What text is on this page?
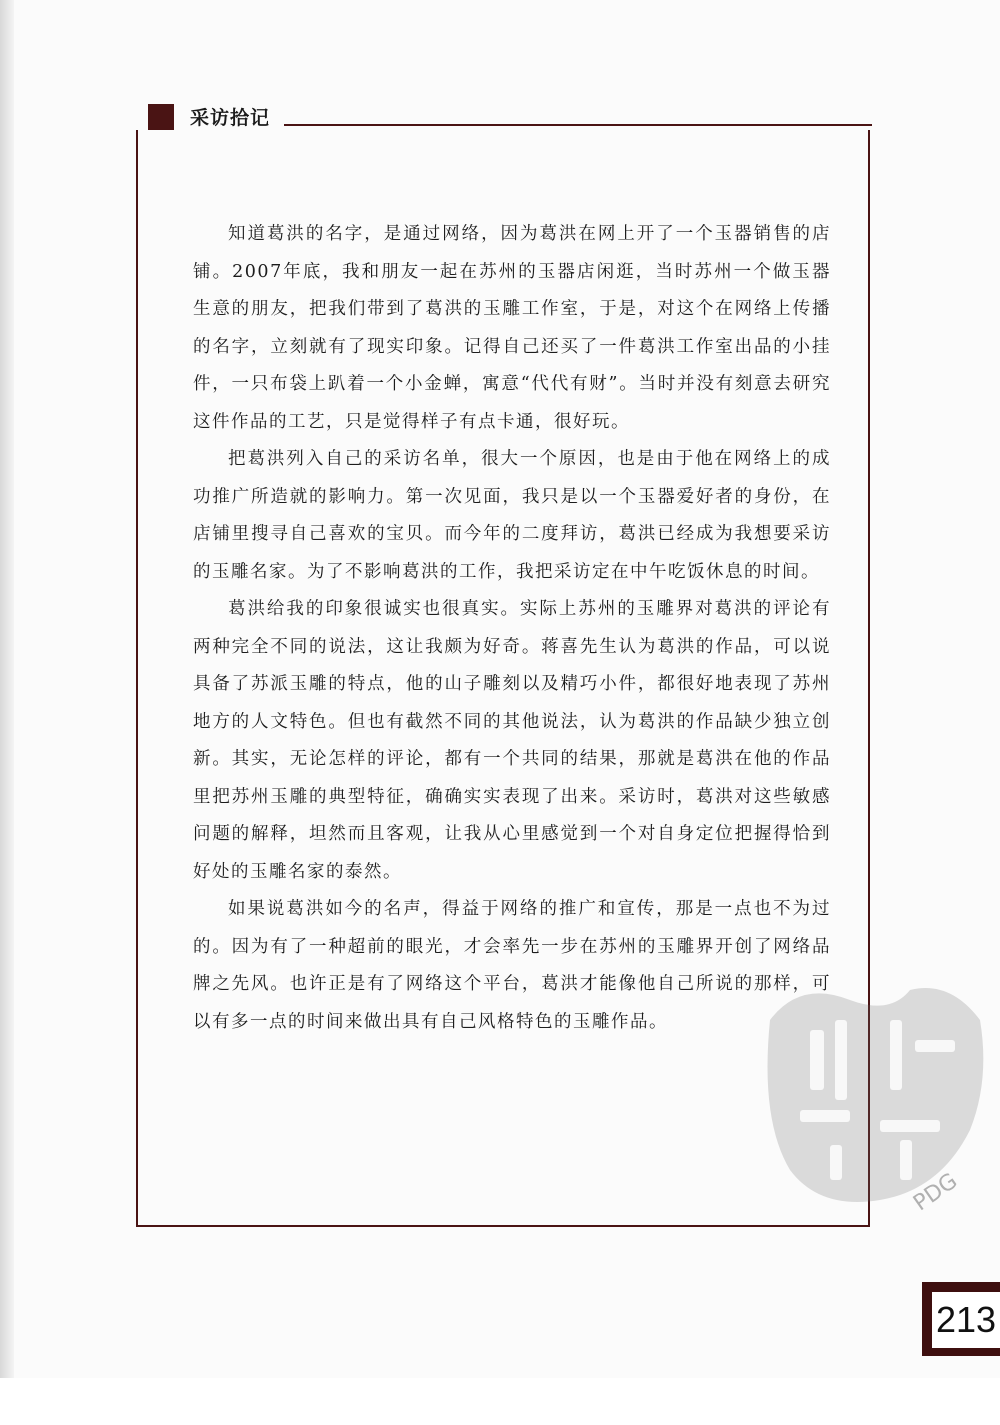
采访拾记

知道葛洪的名字，是通过网络，因为葛洪在网上开了一个玉器销售的店铺。2007年底，我和朋友一起在苏州的玉器店闲逛，当时苏州一个做玉器生意的朋友，把我们带到了葛洪的玉雕工作室，于是，对这个在网络上传播的名字，立刻就有了现实印象。记得自己还买了一件葛洪工作室出品的小挂件，一只布袋上趴着一个小金蝉，寓意“代代有财”。当时并没有刻意去研究这件作品的工艺，只是觉得样子有点卡通，很好玩。

把葛洪列入自己的采访名单，很大一个原因，也是由于他在网络上的成功推广所造就的影响力。第一次见面，我只是以一个玉器爱好者的身份，在店铺里搜寻自己喜欢的宝贝。而今年的二度拜访，葛洪已经成为我想要采访的玉雕名家。为了不影响葛洪的工作，我把采访定在中午吃饭休息的时间。

葛洪给我的印象很诚实也很真实。实际上苏州的玉雕界对葛洪的评论有两种完全不同的说法，这让我颇为好奇。蒋喜先生认为葛洪的作品，可以说具备了苏派玉雕的特点，他的山子雕刻以及精巧小件，都很好地表现了苏州地方的人文特色。但也有截然不同的其他说法，认为葛洪的作品缺少独立创新。其实，无论怎样的评论，都有一个共同的结果，那就是葛洪在他的作品里把苏州玉雕的典型特征，确确实实表现了出来。采访时，葛洪对这些敏感问题的解释，坦然而且客观，让我从心里感觉到一个对自身定位把握得恰到好处的玉雕名家的泰然。

如果说葛洪如今的名声，得益于网络的推广和宣传，那是一点也不为过的。因为有了一种超前的眼光，才会率先一步在苏州的玉雕界开创了网络品牌之先风。也许正是有了网络这个平台，葛洪才能像他自己所说的那样，可以有多一点的时间来做出具有自己风格特色的玉雕作品。

PDG
213
